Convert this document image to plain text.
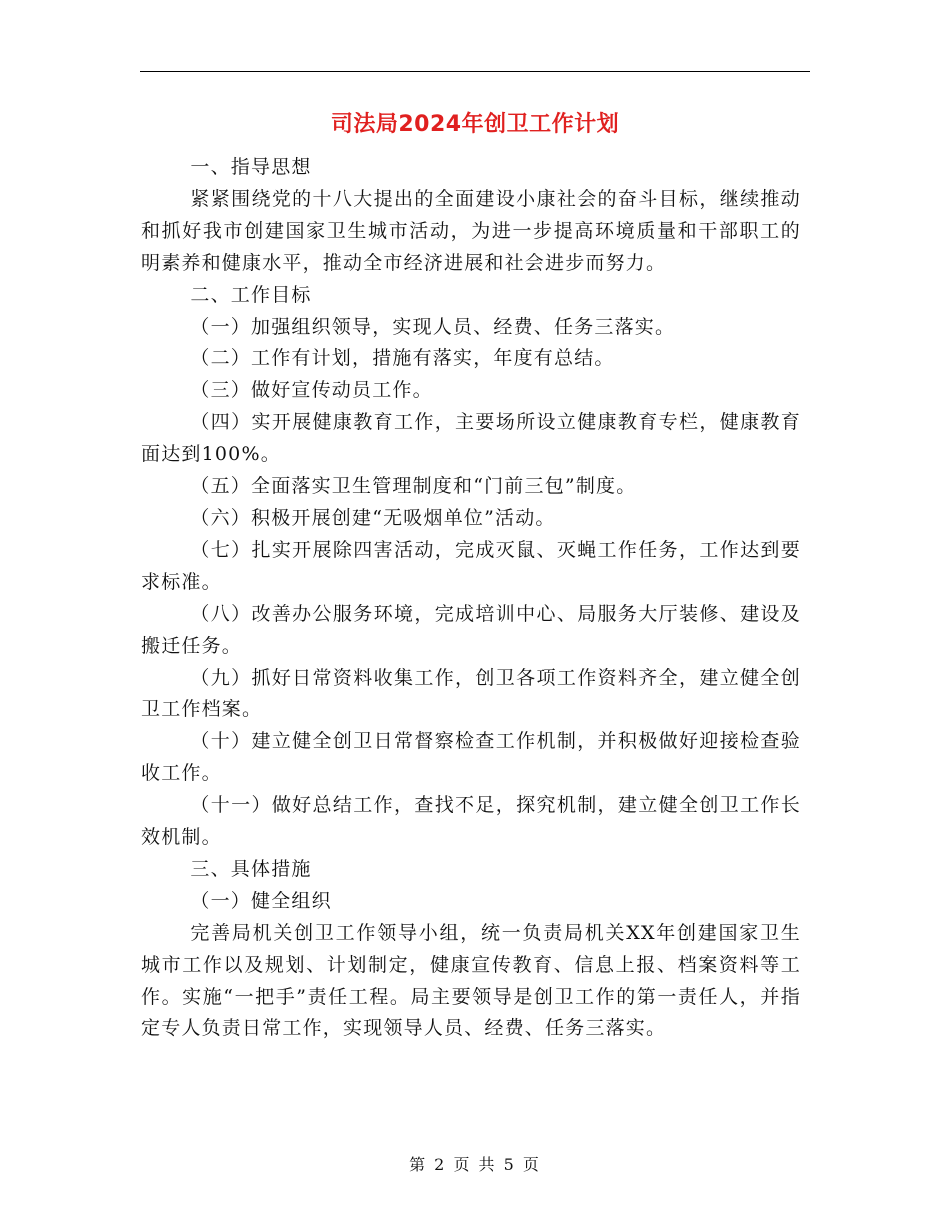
司法局2024年创卫工作计划

一、指导思想

紧紧围绕党的十八大提出的全面建设小康社会的奋斗目标，继续推动和抓好我市创建国家卫生城市活动，为进一步提高环境质量和干部职工的明素养和健康水平，推动全市经济进展和社会进步而努力。

二、工作目标

（一）加强组织领导，实现人员、经费、任务三落实。

（二）工作有计划，措施有落实，年度有总结。

（三）做好宣传动员工作。

（四）实开展健康教育工作，主要场所设立健康教育专栏，健康教育面达到100%。

（五）全面落实卫生管理制度和“门前三包”制度。

（六）积极开展创建“无吸烟单位”活动。

（七）扎实开展除四害活动，完成灭鼠、灭蝇工作任务，工作达到要求标准。

（八）改善办公服务环境，完成培训中心、局服务大厅装修、建设及搬迁任务。

（九）抓好日常资料收集工作，创卫各项工作资料齐全，建立健全创卫工作档案。

（十）建立健全创卫日常督察检查工作机制，并积极做好迎接检查验收工作。

（十一）做好总结工作，查找不足，探究机制，建立健全创卫工作长效机制。

三、具体措施

（一）健全组织

完善局机关创卫工作领导小组，统一负责局机关XX年创建国家卫生城市工作以及规划、计划制定，健康宣传教育、信息上报、档案资料等工作。实施“一把手”责任工程。局主要领导是创卫工作的第一责任人，并指定专人负责日常工作，实现领导人员、经费、任务三落实。

第 2 页 共 5 页
